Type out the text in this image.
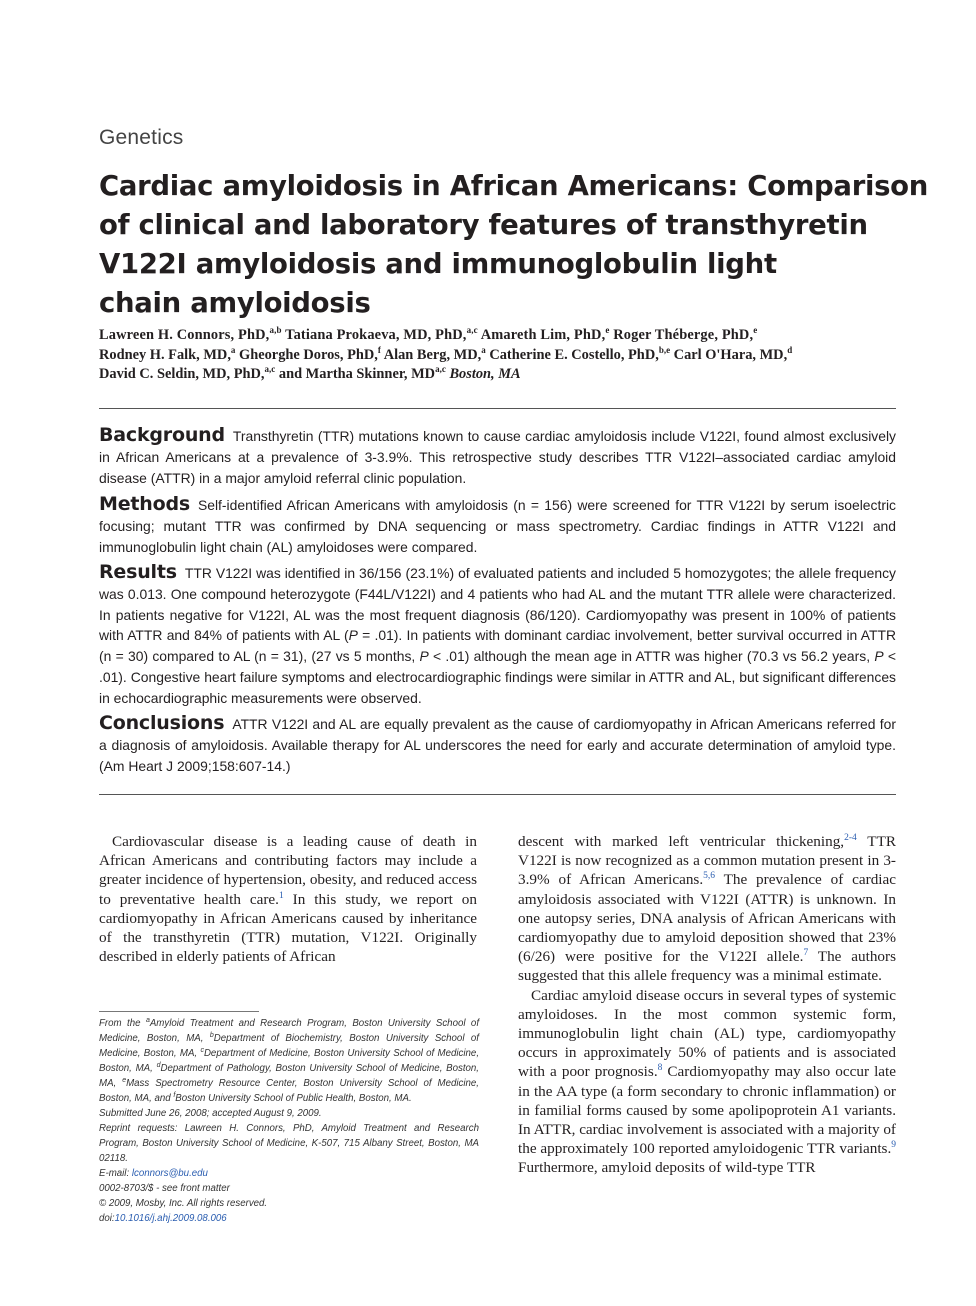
Genetics
Cardiac amyloidosis in African Americans: Comparison
of clinical and laboratory features of transthyretin
V122I amyloidosis and immunoglobulin light
chain amyloidosis
Lawreen H. Connors, PhD,$^{a,b}$ Tatiana Prokaeva, MD, PhD,$^{a,c}$ Amareth Lim, PhD,$^e$ Roger Théberge, PhD,$^e$
Rodney H. Falk, MD,$^a$ Gheorghe Doros, PhD,$^f$ Alan Berg, MD,$^a$ Catherine E. Costello, PhD,$^{b,e}$ Carl O'Hara, MD,$^d$
David C. Seldin, MD, PhD,$^{a,c}$ and Martha Skinner, MD$^{a,c}$ Boston, MA
Background Transthyretin (TTR) mutations known to cause cardiac amyloidosis include V122I, found almost exclusively in African Americans at a prevalence of 3-3.9%. This retrospective study describes TTR V122I–associated cardiac amyloid disease (ATTR) in a major amyloid referral clinic population.
Methods Self-identified African Americans with amyloidosis (n = 156) were screened for TTR V122I by serum isoelectric focusing; mutant TTR was confirmed by DNA sequencing or mass spectrometry. Cardiac findings in ATTR V122I and immunoglobulin light chain (AL) amyloidoses were compared.
Results TTR V122I was identified in 36/156 (23.1%) of evaluated patients and included 5 homozygotes; the allele frequency was 0.013. One compound heterozygote (F44L/V122I) and 4 patients who had AL and the mutant TTR allele were characterized. In patients negative for V122I, AL was the most frequent diagnosis (86/120). Cardiomyopathy was present in 100% of patients with ATTR and 84% of patients with AL (P = .01). In patients with dominant cardiac involvement, better survival occurred in ATTR (n = 30) compared to AL (n = 31), (27 vs 5 months, P < .01) although the mean age in ATTR was higher (70.3 vs 56.2 years, P < .01). Congestive heart failure symptoms and electrocardiographic findings were similar in ATTR and AL, but significant differences in echocardiographic measurements were observed.
Conclusions ATTR V122I and AL are equally prevalent as the cause of cardiomyopathy in African Americans referred for a diagnosis of amyloidosis. Available therapy for AL underscores the need for early and accurate determination of amyloid type. (Am Heart J 2009;158:607-14.)

Cardiovascular disease is a leading cause of death in African Americans and contributing factors may include a greater incidence of hypertension, obesity, and reduced access to preventative health care.$^1$ In this study, we report on cardiomyopathy in African Americans caused by inheritance of the transthyretin (TTR) mutation, V122I. Originally described in elderly patients of African

descent with marked left ventricular thickening,$^{2-4}$ TTR V122I is now recognized as a common mutation present in 3-3.9% of African Americans.$^{5,6}$ The prevalence of cardiac amyloidosis associated with V122I (ATTR) is unknown. In one autopsy series, DNA analysis of African Americans with cardiomyopathy due to amyloid deposition showed that 23% (6/26) were positive for the V122I allele.$^7$ The authors suggested that this allele frequency was a minimal estimate.

Cardiac amyloid disease occurs in several types of systemic amyloidoses. In the most common systemic form, immunoglobulin light chain (AL) type, cardiomyopathy occurs in approximately 50% of patients and is associated with a poor prognosis.$^8$ Cardiomyopathy may also occur late in the AA type (a form secondary to chronic inflammation) or in familial forms caused by some apolipoprotein A1 variants. In ATTR, cardiac involvement is associated with a majority of the approximately 100 reported amyloidogenic TTR variants.$^9$ Furthermore, amyloid deposits of wild-type TTR

From the $^a$Amyloid Treatment and Research Program, Boston University School of Medicine, Boston, MA, $^b$Department of Biochemistry, Boston University School of Medicine, Boston, MA, $^c$Department of Medicine, Boston University School of Medicine, Boston, MA, $^d$Department of Pathology, Boston University School of Medicine, Boston, MA, $^e$Mass Spectrometry Resource Center, Boston University School of Medicine, Boston, MA, and $^f$Boston University School of Public Health, Boston, MA.
Submitted June 26, 2008; accepted August 9, 2009.
Reprint requests: Lawreen H. Connors, PhD, Amyloid Treatment and Research Program, Boston University School of Medicine, K-507, 715 Albany Street, Boston, MA 02118.
E-mail: lconnors@bu.edu
0002-8703/$ - see front matter
© 2009, Mosby, Inc. All rights reserved.
doi:10.1016/j.ahj.2009.08.006
